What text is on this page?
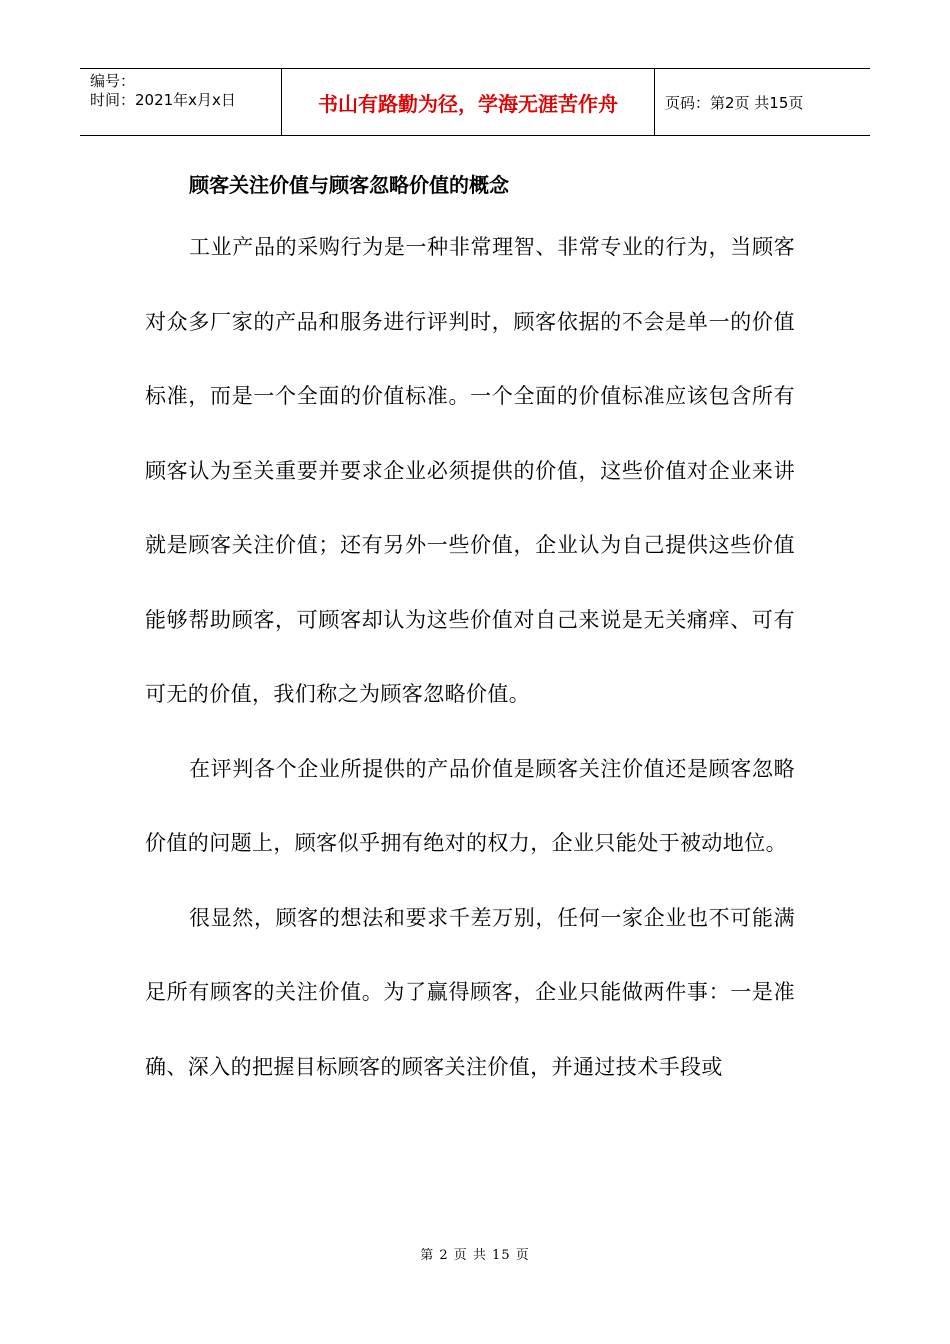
编号：
时间：2021年x月x日	书山有路勤为径，学海无涯苦作舟	页码：第2页 共15页
顾客关注价值与顾客忽略价值的概念

工业产品的采购行为是一种非常理智、非常专业的行为，当顾客对众多厂家的产品和服务进行评判时，顾客依据的不会是单一的价值标准，而是一个全面的价值标准。一个全面的价值标准应该包含所有顾客认为至关重要并要求企业必须提供的价值，这些价值对企业来讲就是顾客关注价值；还有另外一些价值，企业认为自己提供这些价值能够帮助顾客，可顾客却认为这些价值对自己来说是无关痛痒、可有可无的价值，我们称之为顾客忽略价值。

在评判各个企业所提供的产品价值是顾客关注价值还是顾客忽略价值的问题上，顾客似乎拥有绝对的权力，企业只能处于被动地位。

很显然，顾客的想法和要求千差万别，任何一家企业也不可能满足所有顾客的关注价值。为了赢得顾客，企业只能做两件事：一是准确、深入的把握目标顾客的顾客关注价值，并通过技术手段或

第 2 页 共 15 页
